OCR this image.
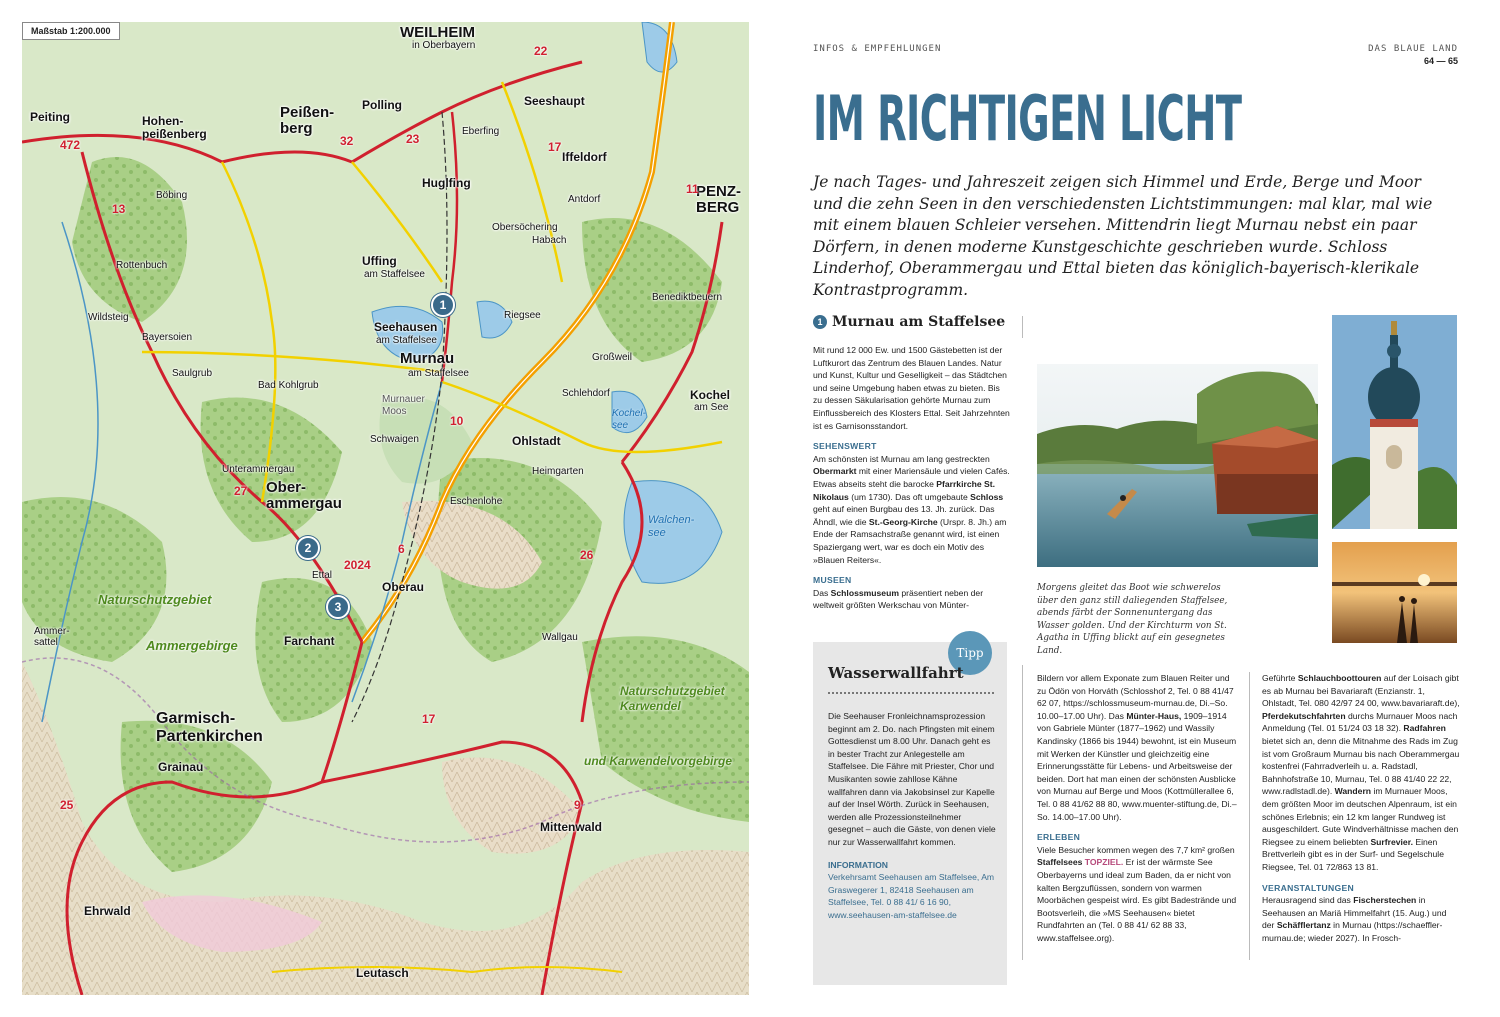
Maßstab 1:200.000	WEILHEIM
in Oberbayern
Peiting	Hohen-
peißenberg
Peißen-
berg
Seeshaupt
Polling
Eberfing
Iffeldorf
PENZ-
BERG
Huglfing
Antdorf
Böbing
Rottenbuch
Obersöchering
Habach
Uffing
am Staffelsee
Benediktbeuern
Seehausen
am Staffelsee
Riegsee
Murnau
am Staffelsee
Großweil
Bayersoien
Saulgrub
Bad Kohlgrub
Kochel
am See
Kochel-
see
Schlehdorf
Ohlstadt
Murnauer
Moos
Schwaigen
Unterammergau
Ober-
ammergau	Eschenlohe
Walchen-
see
Ettal
Oberau
Naturschutzgebiet
Ammergebirge	Farchant	Wallgau
Naturschutzgebiet
Karwendel
und Karwendelvorgebirge
Garmisch-
Partenkirchen
Grainau
Mittenwald
Ehrwald
Leutasch
Wildsteig
Ammer-
sattel
Heimgarten
472
13
22
11
17
10
27
6
2024
23
26
25	9
32
17
1
2
3
INFOS & EMPFEHLUNGEN	DAS BLAUE LAND
64 — 65
IM RICHTIGEN LICHT
Je nach Tages- und Jahreszeit zeigen sich Himmel und Erde, Berge und Moor und die zehn Seen in den verschiedensten Lichtstimmungen: mal klar, mal wie mit einem blauen Schleier versehen. Mittendrin liegt Murnau nebst ein paar Dörfern, in denen moderne Kunstgeschichte geschrieben wurde. Schloss Linderhof, Oberammergau und Ettal bieten das königlich-bayerisch-klerikale Kontrastprogramm.
1 Murnau am Staffelsee

Mit rund 12 000 Ew. und 1500 Gästebetten ist der Luftkurort das Zentrum des Blauen Landes. Natur und Kunst, Kultur und Geselligkeit – das Städtchen und seine Umgebung haben etwas zu bieten. Bis zu dessen Säkularisation gehörte Murnau zum Einflussbereich des Klosters Ettal. Seit Jahrzehnten ist es Garnisonsstandort.

SEHENSWERT

Am schönsten ist Murnau am lang gestreckten Obermarkt mit einer Mariensäule und vielen Cafés. Etwas abseits steht die barocke Pfarrkirche St. Nikolaus (um 1730). Das oft umgebaute Schloss geht auf einen Burgbau des 13. Jh. zurück. Das Ähndl, wie die St.-Georg-Kirche (Urspr. 8. Jh.) am Ende der Ramsachstraße genannt wird, ist einen Spaziergang wert, war es doch ein Motiv des »Blauen Reiters«.

MUSEEN

Das Schlossmuseum präsentiert neben der weltweit größten Werkschau von Münter-

Tipp
Wasserwallfahrt

Die Seehauser Fronleichnamsprozession beginnt am 2. Do. nach Pfingsten mit einem Gottesdienst um 8.00 Uhr. Danach geht es in bester Tracht zur Anlegestelle am Staffelsee. Die Fähre mit Priester, Chor und Musikanten sowie zahllose Kähne wallfahren dann via Jakobsinsel zur Kapelle auf der Insel Wörth. Zurück in Seehausen, werden alle Prozessionsteilnehmer gesegnet – auch die Gäste, von denen viele nur zur Wasserwallfahrt kommen.

INFORMATION

Verkehrsamt Seehausen am Staffelsee, Am Graswegerer 1, 82418 Seehausen am Staffelsee, Tel. 0 88 41/ 6 16 90, www.seehausen-am-staffelsee.de

Morgens gleitet das Boot wie schwerelos über den ganz still daliegenden Staffelsee, abends färbt der Sonnenuntergang das Wasser golden. Und der Kirchturm von St. Agatha in Uffing blickt auf ein gesegnetes Land.

Bildern vor allem Exponate zum Blauen Reiter und zu Ödön von Horváth (Schlosshof 2, Tel. 0 88 41/47 62 07, https://schlossmuseum-murnau.de, Di.–So. 10.00–17.00 Uhr). Das Münter-Haus, 1909–1914 von Gabriele Münter (1877–1962) und Wassily Kandinsky (1866 bis 1944) bewohnt, ist ein Museum mit Werken der Künstler und gleichzeitig eine Erinnerungsstätte für Lebens- und Arbeitsweise der beiden. Dort hat man einen der schönsten Ausblicke von Murnau auf Berge und Moos (Kottmüllerallee 6, Tel. 0 88 41/62 88 80, www.muenter-stiftung.de, Di.–So. 14.00–17.00 Uhr).

ERLEBEN

Viele Besucher kommen wegen des 7,7 km² großen Staffelsees TOPZIEL. Er ist der wärmste See Oberbayerns und ideal zum Baden, da er nicht von kalten Bergzuflüssen, sondern von warmen Moorbächen gespeist wird. Es gibt Badestrände und Bootsverleih, die »MS Seehausen« bietet Rundfahrten an (Tel. 0 88 41/ 62 88 33, www.staffelsee.org).

Geführte Schlauchboottouren auf der Loisach gibt es ab Murnau bei Bavariaraft (Enzianstr. 1, Ohlstadt, Tel. 080 42/97 24 00, www.bavariaraft.de), Pferdekutschfahrten durchs Murnauer Moos nach Anmeldung (Tel. 01 51/24 03 18 32). Radfahren bietet sich an, denn die Mitnahme des Rads im Zug ist vom Großraum Murnau bis nach Oberammergau kostenfrei (Fahrradverleih u. a. Radstadl, Bahnhofstraße 10, Murnau, Tel. 0 88 41/40 22 22, www.radlstadl.de). Wandern im Murnauer Moos, dem größten Moor im deutschen Alpenraum, ist ein schönes Erlebnis; ein 12 km langer Rundweg ist ausgeschildert. Gute Windverhältnisse machen den Riegsee zu einem beliebten Surfrevier. Einen Brettverleih gibt es in der Surf- und Segelschule Riegsee, Tel. 01 72/863 13 81.

VERANSTALTUNGEN

Herausragend sind das Fischerstechen in Seehausen an Mariä Himmelfahrt (15. Aug.) und der Schäfflertanz in Murnau (https://schaeffler-murnau.de; wieder 2027). In Frosch-
